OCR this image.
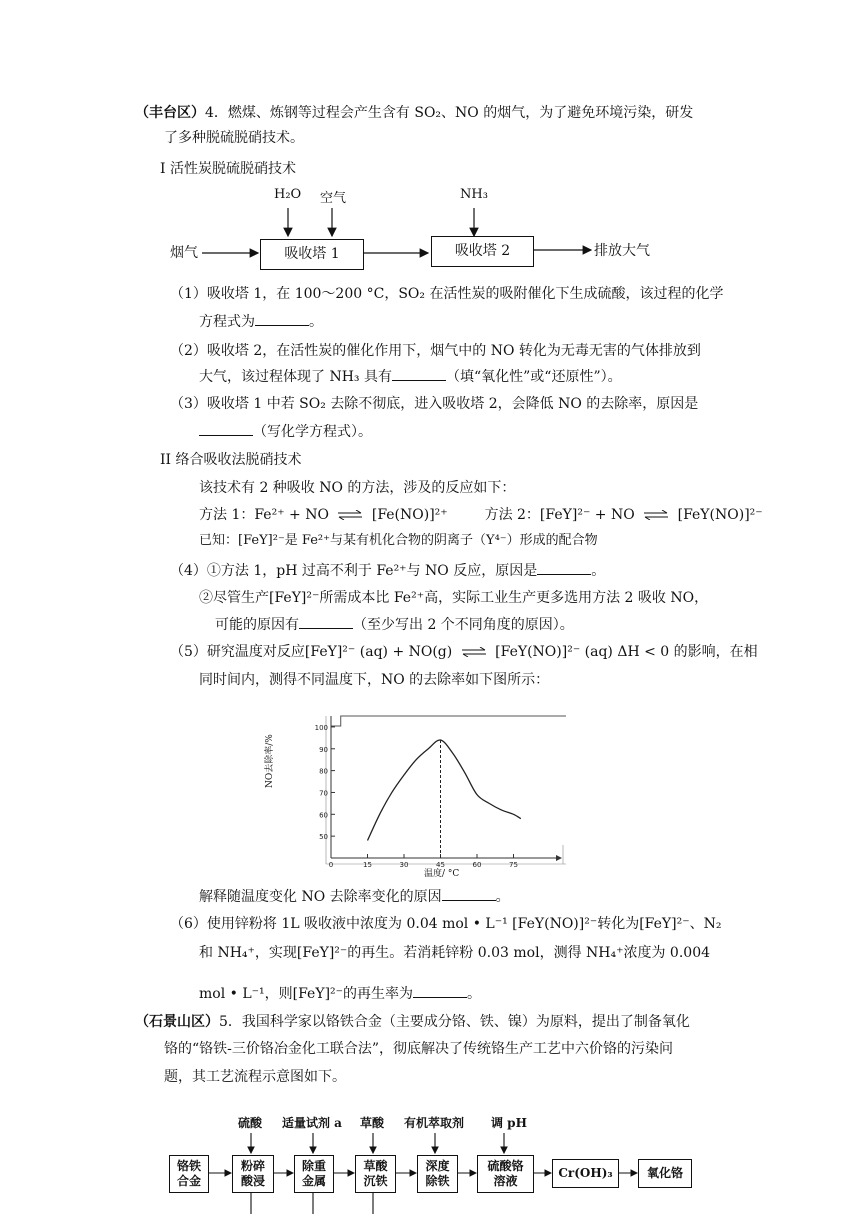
（丰台区）4．燃煤、炼钢等过程会产生含有 SO₂、NO 的烟气，为了避免环境污染，研发
了多种脱硫脱硝技术。
I 活性炭脱硫脱硝技术
H₂O 空气	NH₃
烟气	吸收塔 1	吸收塔 2	排放大气
（1）吸收塔 1，在 100～200 °C，SO₂ 在活性炭的吸附催化下生成硫酸，该过程的化学
方程式为	。
（2）吸收塔 2，在活性炭的催化作用下，烟气中的 NO 转化为无毒无害的气体排放到
大气，该过程体现了 NH₃ 具有	（填“氧化性”或“还原性”）。
（3）吸收塔 1 中若 SO₂ 去除不彻底，进入吸收塔 2，会降低 NO 的去除率，原因是
（写化学方程式）。
II 络合吸收法脱硝技术
该技术有 2 种吸收 NO 的方法，涉及的反应如下：
方法 1：Fe²⁺ + NO ⇌ [Fe(NO)]²⁺	方法 2：[FeY]²⁻ + NO ⇌ [FeY(NO)]²⁻
已知：[FeY]²⁻是 Fe²⁺与某有机化合物的阴离子（Y⁴⁻）形成的配合物
（4）①方法 1，pH 过高不利于 Fe²⁺与 NO 反应，原因是	。
②尽管生产[FeY]²⁻所需成本比 Fe²⁺高，实际工业生产更多选用方法 2 吸收 NO，
可能的原因有	（至少写出 2 个不同角度的原因）。
（5）研究温度对反应[FeY]²⁻ (aq) + NO(g) ⇌ [FeY(NO)]²⁻ (aq) ΔH < 0 的影响，在相
同时间内，测得不同温度下，NO 的去除率如下图所示：
50
60
70
80
90
100
0	15	30	45	60	75
NO去除率/%
温度/ °C
解释随温度变化 NO 去除率变化的原因	。
（6）使用锌粉将 1L 吸收液中浓度为 0.04 mol • L⁻¹ [FeY(NO)]²⁻转化为[FeY]²⁻、N₂
和 NH₄⁺，实现[FeY]²⁻的再生。若消耗锌粉 0.03 mol，测得 NH₄⁺浓度为 0.004
mol • L⁻¹，则[FeY]²⁻的再生率为	。
（石景山区）5．我国科学家以铬铁合金（主要成分铬、铁、镍）为原料，提出了制备氧化
铬的“铬铁-三价铬冶金化工联合法”，彻底解决了传统铬生产工艺中六价铬的污染问
题，其工艺流程示意图如下。
硫酸 适量试剂 a 草酸 有机萃取剂 调 pH
铬铁合金
粉碎酸浸
除重金属
草酸沉铁
深度除铁
硫酸铬溶液
Cr(OH)₃	氧化铬
